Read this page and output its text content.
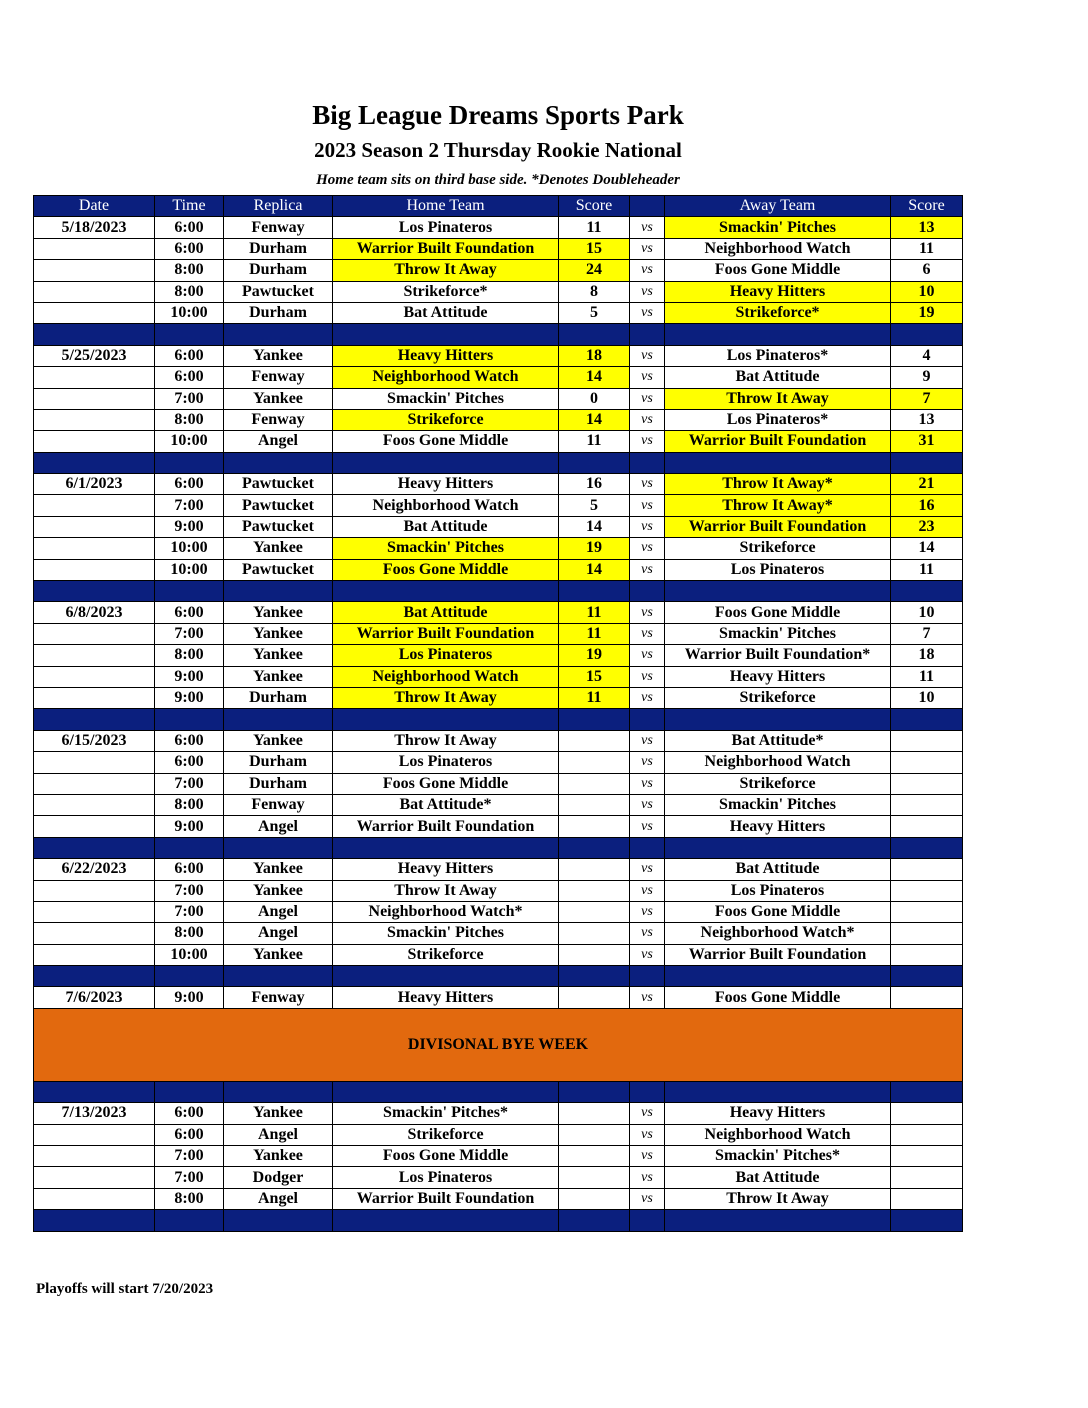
Big League Dreams Sports Park
2023 Season 2 Thursday Rookie National
Home team sits on third base side. *Denotes Doubleheader
Date	Time	Replica	Home Team	Score		Away Team	Score
5/18/2023	6:00	Fenway	Los Pinateros	11	vs	Smackin' Pitches	13
	6:00	Durham	Warrior Built Foundation	15	vs	Neighborhood Watch	11
	8:00	Durham	Throw It Away	24	vs	Foos Gone Middle	6
	8:00	Pawtucket	Strikeforce*	8	vs	Heavy Hitters	10
	10:00	Durham	Bat Attitude	5	vs	Strikeforce*	19

5/25/2023	6:00	Yankee	Heavy Hitters	18	vs	Los Pinateros*	4
	6:00	Fenway	Neighborhood Watch	14	vs	Bat Attitude	9
	7:00	Yankee	Smackin' Pitches	0	vs	Throw It Away	7
	8:00	Fenway	Strikeforce	14	vs	Los Pinateros*	13
	10:00	Angel	Foos Gone Middle	11	vs	Warrior Built Foundation	31

6/1/2023	6:00	Pawtucket	Heavy Hitters	16	vs	Throw It Away*	21
	7:00	Pawtucket	Neighborhood Watch	5	vs	Throw It Away*	16
	9:00	Pawtucket	Bat Attitude	14	vs	Warrior Built Foundation	23
	10:00	Yankee	Smackin' Pitches	19	vs	Strikeforce	14
	10:00	Pawtucket	Foos Gone Middle	14	vs	Los Pinateros	11

6/8/2023	6:00	Yankee	Bat Attitude	11	vs	Foos Gone Middle	10
	7:00	Yankee	Warrior Built Foundation	11	vs	Smackin' Pitches	7
	8:00	Yankee	Los Pinateros	19	vs	Warrior Built Foundation*	18
	9:00	Yankee	Neighborhood Watch	15	vs	Heavy Hitters	11
	9:00	Durham	Throw It Away	11	vs	Strikeforce	10

6/15/2023	6:00	Yankee	Throw It Away		vs	Bat Attitude*	
	6:00	Durham	Los Pinateros		vs	Neighborhood Watch	
	7:00	Durham	Foos Gone Middle		vs	Strikeforce	
	8:00	Fenway	Bat Attitude*		vs	Smackin' Pitches	
	9:00	Angel	Warrior Built Foundation		vs	Heavy Hitters	

6/22/2023	6:00	Yankee	Heavy Hitters		vs	Bat Attitude	
	7:00	Yankee	Throw It Away		vs	Los Pinateros	
	7:00	Angel	Neighborhood Watch*		vs	Foos Gone Middle	
	8:00	Angel	Smackin' Pitches		vs	Neighborhood Watch*	
	10:00	Yankee	Strikeforce		vs	Warrior Built Foundation	

7/6/2023	9:00	Fenway	Heavy Hitters		vs	Foos Gone Middle	
DIVISONAL BYE WEEK							

7/13/2023	6:00	Yankee	Smackin' Pitches*		vs	Heavy Hitters	
	6:00	Angel	Strikeforce		vs	Neighborhood Watch	
	7:00	Yankee	Foos Gone Middle		vs	Smackin' Pitches*	
	7:00	Dodger	Los Pinateros		vs	Bat Attitude	
	8:00	Angel	Warrior Built Foundation		vs	Throw It Away	

Playoffs will start 7/20/2023
